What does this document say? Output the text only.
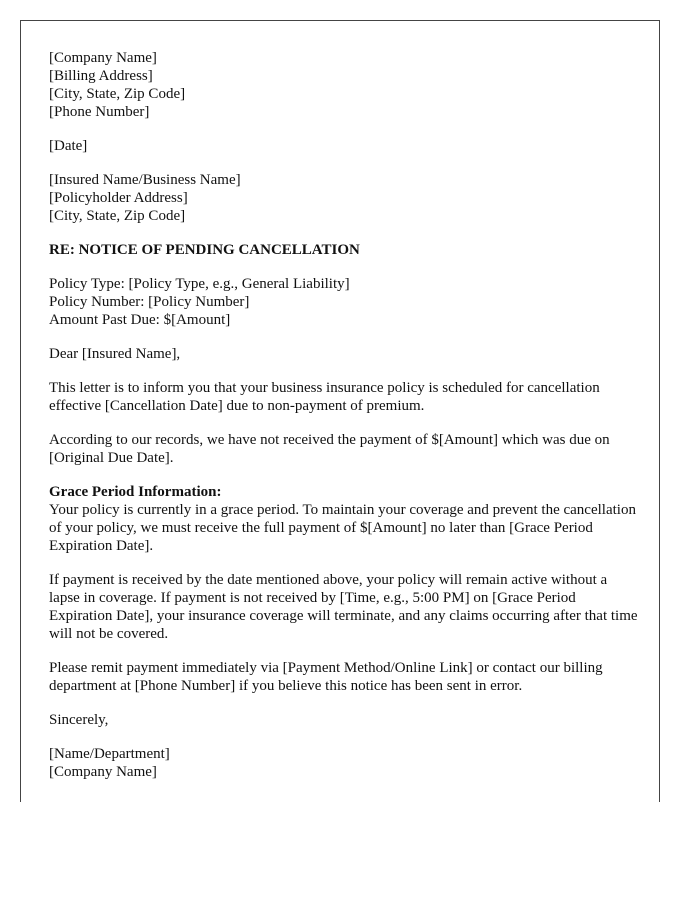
[Company Name]
[Billing Address]
[City, State, Zip Code]
[Phone Number]
[Date]
[Insured Name/Business Name]
[Policyholder Address]
[City, State, Zip Code]
RE: NOTICE OF PENDING CANCELLATION
Policy Type: [Policy Type, e.g., General Liability]
Policy Number: [Policy Number]
Amount Past Due: $[Amount]
Dear [Insured Name],

This letter is to inform you that your business insurance policy is scheduled for cancellation effective [Cancellation Date] due to non-payment of premium.

According to our records, we have not received the payment of $[Amount] which was due on [Original Due Date].

Grace Period Information:
Your policy is currently in a grace period. To maintain your coverage and prevent the cancellation of your policy, we must receive the full payment of $[Amount] no later than [Grace Period Expiration Date].

If payment is received by the date mentioned above, your policy will remain active without a lapse in coverage. If payment is not received by [Time, e.g., 5:00 PM] on [Grace Period Expiration Date], your insurance coverage will terminate, and any claims occurring after that time will not be covered.

Please remit payment immediately via [Payment Method/Online Link] or contact our billing department at [Phone Number] if you believe this notice has been sent in error.

Sincerely,
[Name/Department]
[Company Name]
